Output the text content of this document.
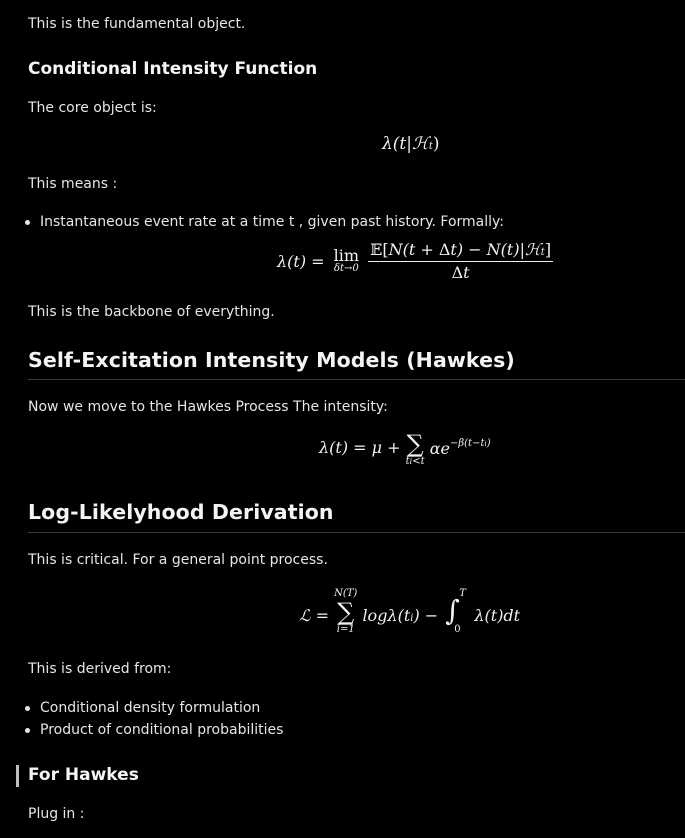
This is the fundamental object.

Conditional Intensity Function

The core object is:

λ(t|ℋt)

This means :

Instantaneous event rate at a time t , given past history. Formally:
λ(t) = lim
δt→0
$\frac{\text{𝔼[N(t + Δt) − N(t)|ℋt]}}{\Delta t}$

This is the backbone of everything.

Self-Excitation Intensity Models (Hawkes)

Now we move to the Hawkes Process The intensity:

λ(t) = μ + ∑
ti<t
$\alpha e^{-\beta(t-ti)}$
Log-Likelyhood Derivation

This is critical. For a general point process.

ℒ =
N(T)
∑
i=1
logλ(ti) − ∫
T
0
λ(t)dt

This is derived from:

Conditional density formulation
Product of conditional probabilities
For Hawkes

Plug in :
